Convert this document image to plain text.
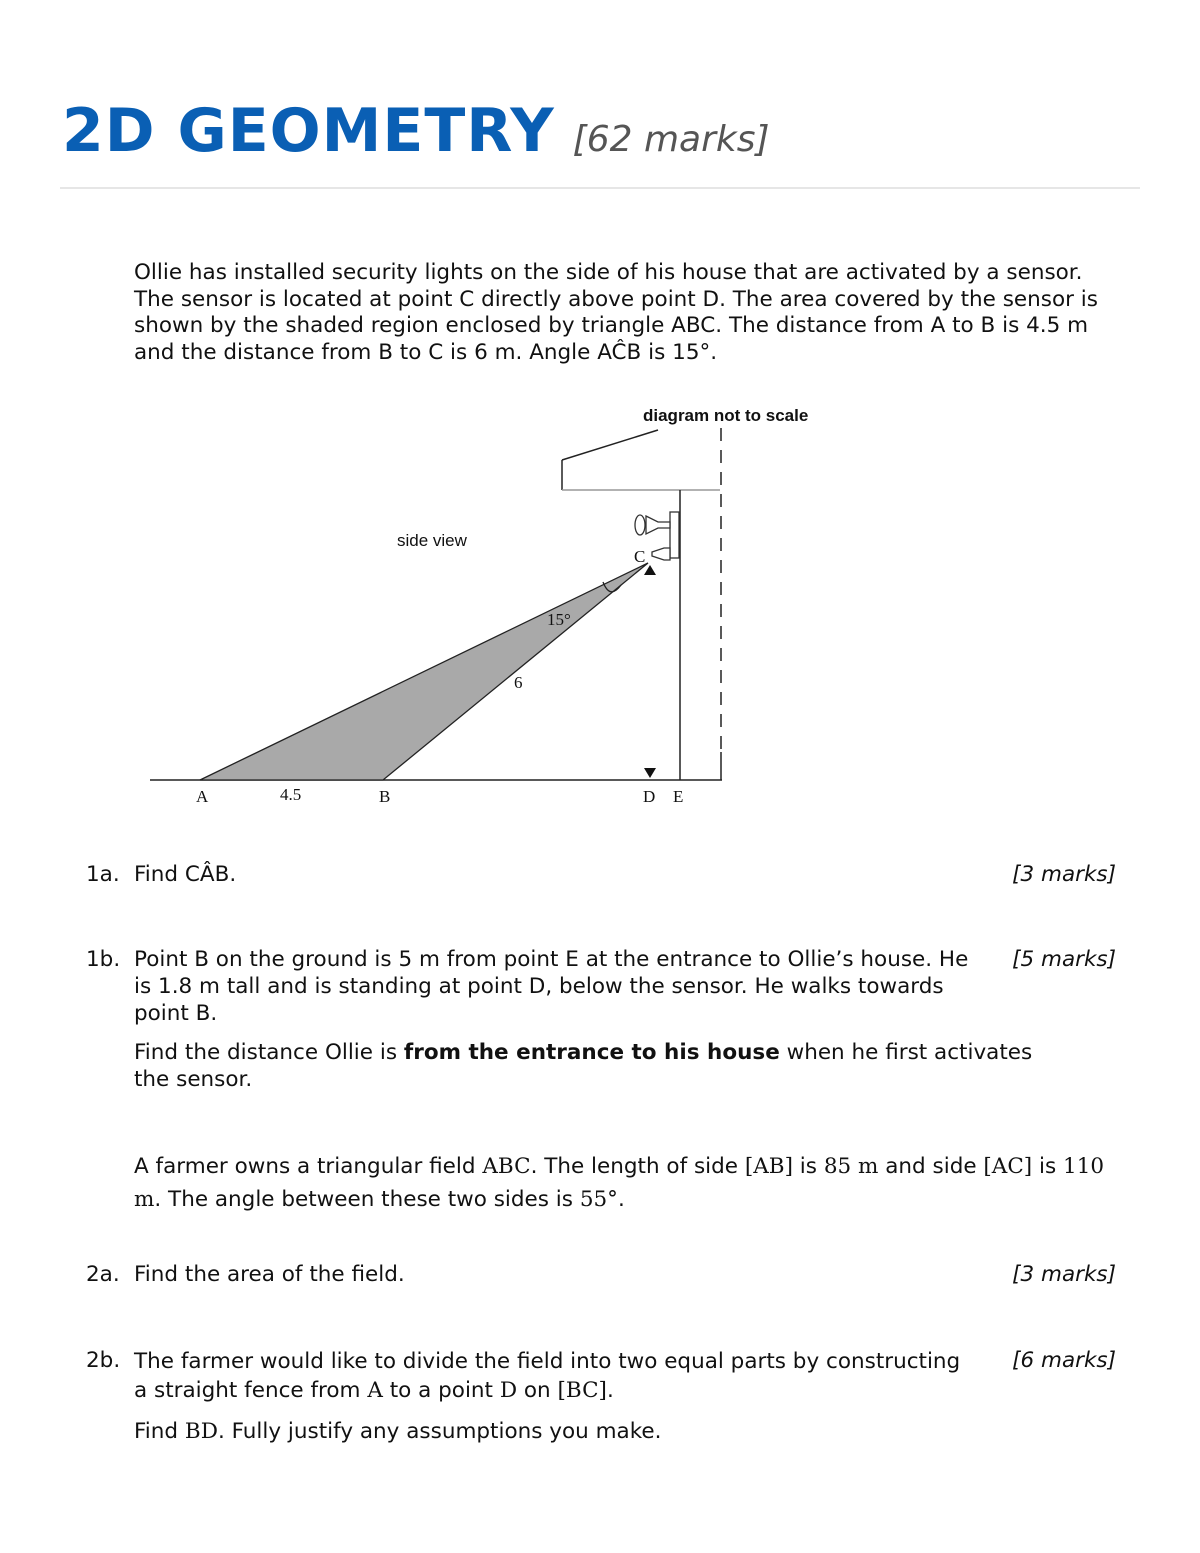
2D GEOMETRY [62 marks]
Ollie has installed security lights on the side of his house that are activated by a sensor. The sensor is located at point C directly above point D. The area covered by the sensor is shown by the shaded region enclosed by triangle ABC. The distance from A to B is 4.5 m and the distance from B to C is 6 m. Angle AĈB is 15°.
diagram not to scale
side view
15°
6
4.5
A	B
C
D E
1a. Find CÂB.	[3 marks]
1b. Point B on the ground is 5 m from point E at the entrance to Ollie’s house. He is 1.8 m tall and is standing at point D, below the sensor. He walks towards point B.
[5 marks]
Find the distance Ollie is from the entrance to his house when he first activates the sensor.
A farmer owns a triangular field ABC. The length of side [AB] is 85 m and side [AC] is 110 m. The angle between these two sides is 55°.
2a. Find the area of the field.	[3 marks]
2b. The farmer would like to divide the field into two equal parts by constructing a straight fence from A to a point D on [BC].
[6 marks]
Find BD. Fully justify any assumptions you make.
